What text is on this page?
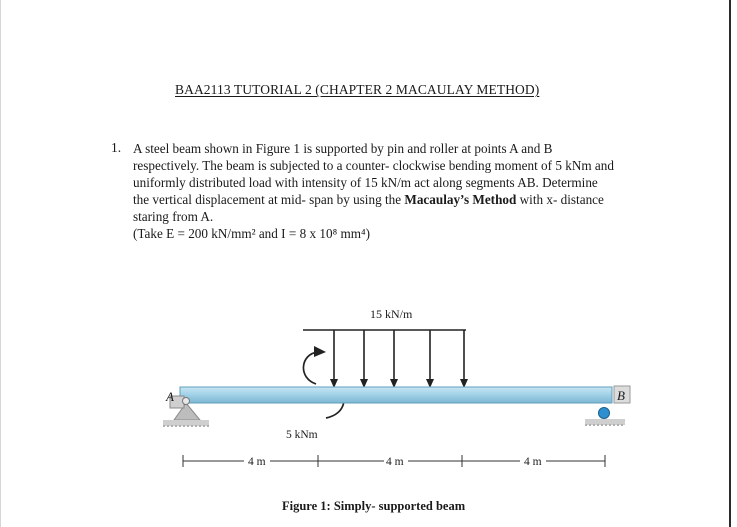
BAA2113 TUTORIAL 2 (CHAPTER 2 MACAULAY METHOD)
1. A steel beam shown in Figure 1 is supported by pin and roller at points A and B
respectively. The beam is subjected to a counter- clockwise bending moment of 5 kNm and
uniformly distributed load with intensity of 15 kN/m act along segments AB. Determine
the vertical displacement at mid- span by using the Macaulay’s Method with x- distance
staring from A.
(Take E = 200 kN/mm² and I = 8 x 10⁸ mm⁴)
15 kN/m
5 kNm
A	B
4 m	4 m	4 m
Figure 1: Simply- supported beam
